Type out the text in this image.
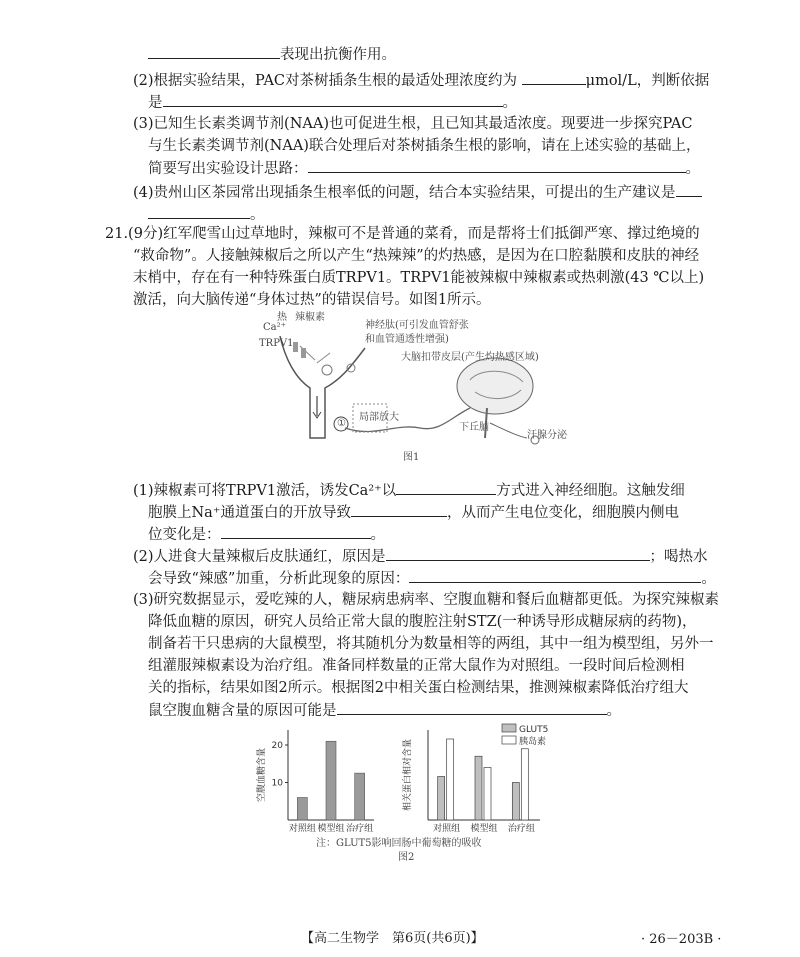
表现出抗衡作用。
(2)根据实验结果，PAC对茶树插条生根的最适处理浓度约为	μmol/L，判断依据
是	。
(3)已知生长素类调节剂(NAA)也可促进生根，且已知其最适浓度。现要进一步探究PAC
与生长素类调节剂(NAA)联合处理后对茶树插条生根的影响，请在上述实验的基础上，
简要写出实验设计思路：	。
(4)贵州山区茶园常出现插条生根率低的问题，结合本实验结果，可提出的生产建议是
。
21.(9分)红军爬雪山过草地时，辣椒可不是普通的菜肴，而是帮将士们抵御严寒、撑过绝境的
“救命物”。人接触辣椒后之所以产生“热辣辣”的灼热感，是因为在口腔黏膜和皮肤的神经
末梢中，存在有一种特殊蛋白质TRPV1。TRPV1能被辣椒中辣椒素或热刺激(43 ℃以上)
激活，向大脑传递“身体过热”的错误信号。如图1所示。
热 辣椒素
Ca²⁺
TRPV1
神经肽(可引发血管舒张
和血管通透性增强)
大脑扣带皮层(产生灼热感区域)
局部放大
①	下丘脑
汗腺分泌
图1
(1)辣椒素可将TRPV1激活，诱发Ca²⁺以	方式进入神经细胞。这触发细
胞膜上Na⁺通道蛋白的开放导致	，从而产生电位变化，细胞膜内侧电
位变化是：	。
(2)人进食大量辣椒后皮肤通红，原因是	；喝热水
会导致“辣感”加重，分析此现象的原因：	。
(3)研究数据显示，爱吃辣的人，糖尿病患病率、空腹血糖和餐后血糖都更低。为探究辣椒素
降低血糖的原因，研究人员给正常大鼠的腹腔注射STZ(一种诱导形成糖尿病的药物)，
制备若干只患病的大鼠模型，将其随机分为数量相等的两组，其中一组为模型组，另外一
组灌服辣椒素设为治疗组。准备同样数量的正常大鼠作为对照组。一段时间后检测相
关的指标，结果如图2所示。根据图2中相关蛋白检测结果，推测辣椒素降低治疗组大
鼠空腹血糖含量的原因可能是	。
10
20
空腹血糖含量
对照组 模型组 治疗组
相关蛋白相对含量
对照组 模型组 治疗组
GLUT5
胰岛素
注：GLUT5影响回肠中葡萄糖的吸收
图2
【高二生物学　第6页(共6页)】	· 26－203B ·
